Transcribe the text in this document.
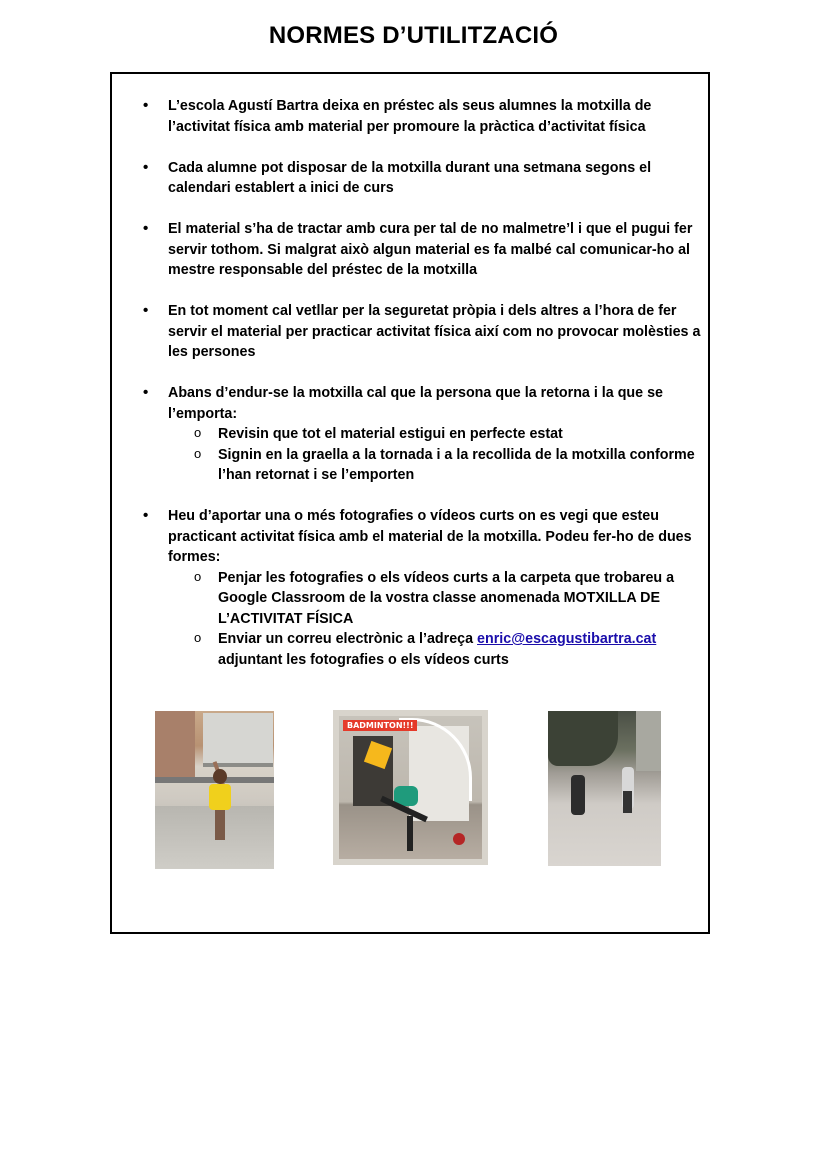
NORMES D’UTILITZACIÓ
• L’escola Agustí Bartra deixa en préstec als seus alumnes la motxilla de l’activitat física amb material per promoure la pràctica d’activitat física
• Cada alumne pot disposar de la motxilla durant una setmana segons el calendari establert a inici de curs
• El material s’ha de tractar amb cura per tal de no malmetre’l i que el pugui fer servir tothom. Si malgrat això algun material es fa malbé cal comunicar-ho al mestre responsable del préstec de la motxilla
• En tot moment cal vetllar per la seguretat pròpia i dels altres a l’hora de fer servir el material per practicar activitat física així com no provocar molèsties a les persones
• Abans d’endur-se la motxilla cal que la persona que la retorna i la que se l’emporta:
o Revisin que tot el material estigui en perfecte estat
o Signin en la graella a la tornada i a la recollida de la motxilla conforme l’han retornat i se l’emporten
• Heu d’aportar una o més fotografies o vídeos curts on es vegi que esteu practicant activitat física amb el material de la motxilla. Podeu fer-ho de dues formes:
o Penjar les fotografies o els vídeos curts a la carpeta que trobareu a Google Classroom de la vostra classe anomenada MOTXILLA DE L’ACTIVITAT FÍSICA
o Enviar un correu electrònic a l’adreça enric@escagustibartra.cat
adjuntant les fotografies o els vídeos curts
BADMINTON!!!
